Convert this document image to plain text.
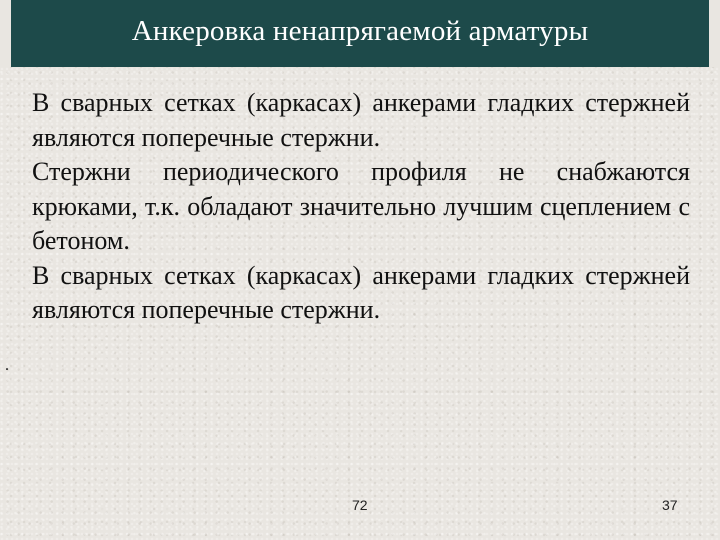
Анкеровка ненапрягаемой арматуры

В сварных сетках (каркасах) анкерами гладких стержней являются поперечные стержни.

Стержни периодического профиля не снабжаются крюками, т.к. обладают значительно лучшим сцеплением с бетоном.

В сварных сетках (каркасах) анкерами гладких стержней являются поперечные стержни.

.
72	37
